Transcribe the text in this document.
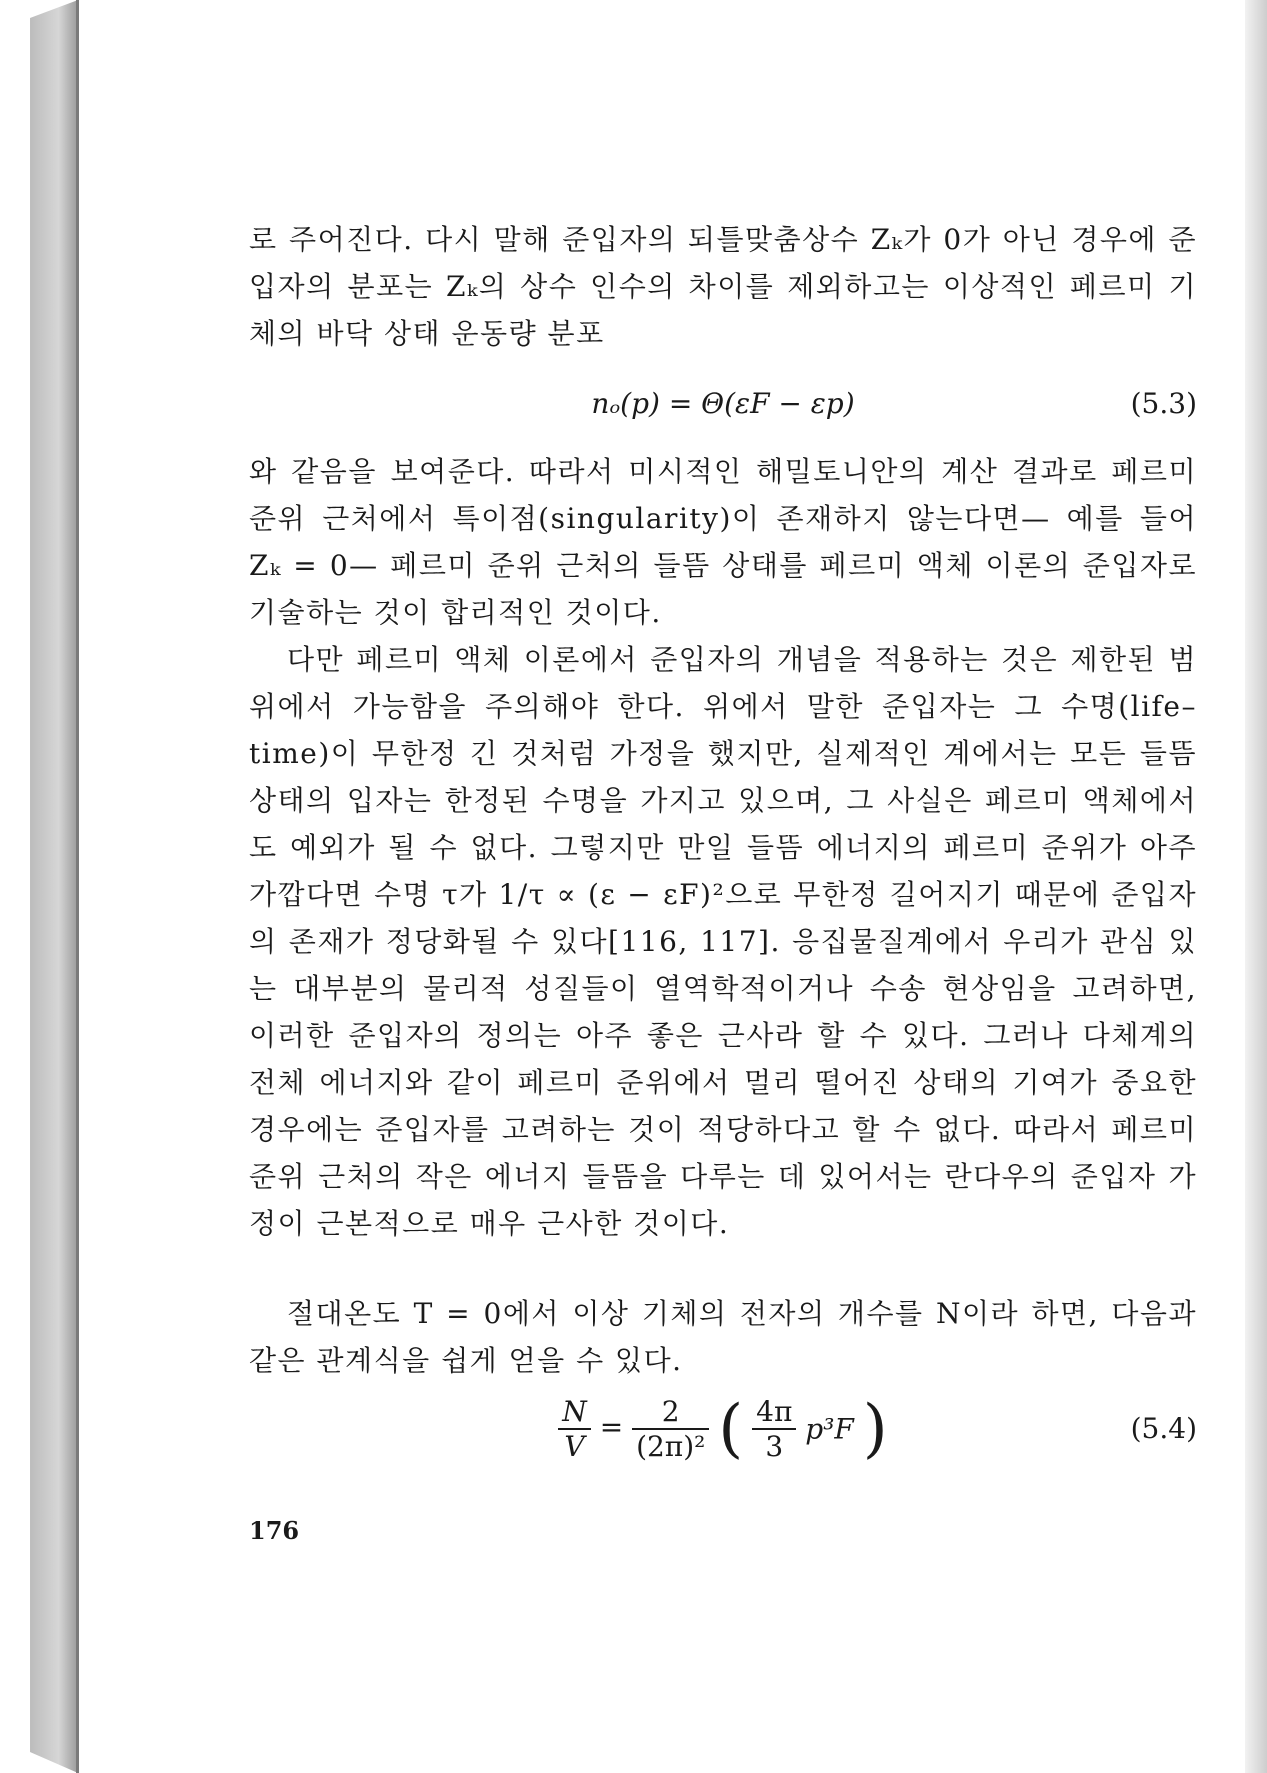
로 주어진다. 다시 말해 준입자의 되틀맞춤상수 Zₖ가 0가 아닌 경우에 준입자의 분포는 Zₖ의 상수 인수의 차이를 제외하고는 이상적인 페르미 기체의 바닥 상태 운동량 분포
nₒ(p) = Θ(εF − εp)	(5.3)
와 같음을 보여준다. 따라서 미시적인 해밀토니안의 계산 결과로 페르미 준위 근처에서 특이점(singularity)이 존재하지 않는다면— 예를 들어 Zₖ = 0— 페르미 준위 근처의 들뜸 상태를 페르미 액체 이론의 준입자로 기술하는 것이 합리적인 것이다.
다만 페르미 액체 이론에서 준입자의 개념을 적용하는 것은 제한된 범위에서 가능함을 주의해야 한다. 위에서 말한 준입자는 그 수명(life–time)이 무한정 긴 것처럼 가정을 했지만, 실제적인 계에서는 모든 들뜸 상태의 입자는 한정된 수명을 가지고 있으며, 그 사실은 페르미 액체에서도 예외가 될 수 없다. 그렇지만 만일 들뜸 에너지의 페르미 준위가 아주 가깝다면 수명 τ가 1/τ ∝ (ε − εF)²으로 무한정 길어지기 때문에 준입자의 존재가 정당화될 수 있다[116, 117]. 응집물질계에서 우리가 관심 있는 대부분의 물리적 성질들이 열역학적이거나 수송 현상임을 고려하면, 이러한 준입자의 정의는 아주 좋은 근사라 할 수 있다. 그러나 다체계의 전체 에너지와 같이 페르미 준위에서 멀리 떨어진 상태의 기여가 중요한 경우에는 준입자를 고려하는 것이 적당하다고 할 수 없다. 따라서 페르미 준위 근처의 작은 에너지 들뜸을 다루는 데 있어서는 란다우의 준입자 가정이 근본적으로 매우 근사한 것이다.
절대온도 T = 0에서 이상 기체의 전자의 개수를 N이라 하면, 다음과 같은 관계식을 쉽게 얻을 수 있다.
$\frac{N}{V} = \frac{2}{\text{(2π)²}}$ ( $\frac{4\pi}{3} p^3F$ )	(5.4)
176
